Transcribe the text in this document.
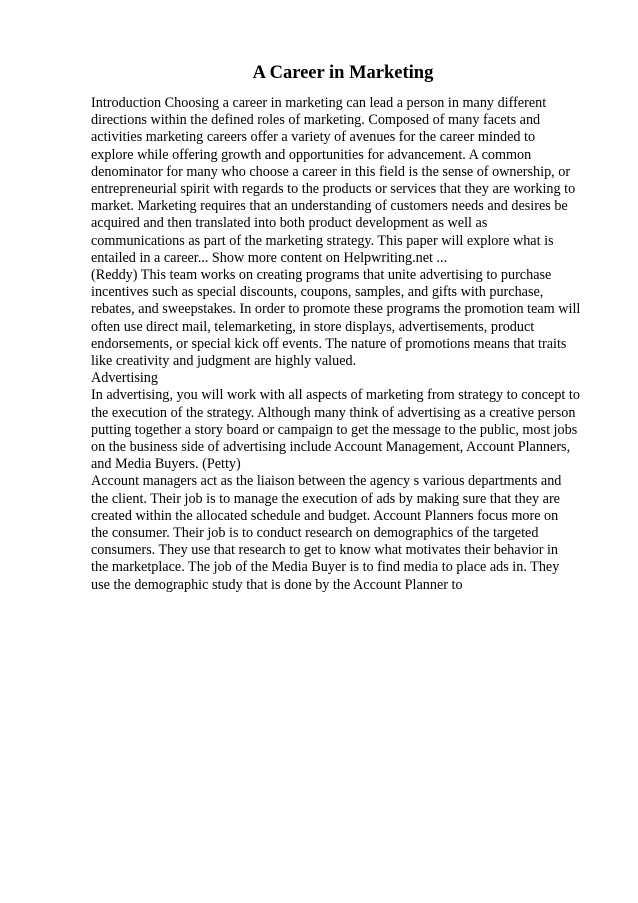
A Career in Marketing
Introduction Choosing a career in marketing can lead a person in many different
directions within the defined roles of marketing. Composed of many facets and
activities marketing careers offer a variety of avenues for the career minded to
explore while offering growth and opportunities for advancement. A common
denominator for many who choose a career in this field is the sense of ownership, or
entrepreneurial spirit with regards to the products or services that they are working to
market. Marketing requires that an understanding of customers needs and desires be
acquired and then translated into both product development as well as
communications as part of the marketing strategy. This paper will explore what is
entailed in a career... Show more content on Helpwriting.net ...
(Reddy) This team works on creating programs that unite advertising to purchase
incentives such as special discounts, coupons, samples, and gifts with purchase,
rebates, and sweepstakes. In order to promote these programs the promotion team will
often use direct mail, telemarketing, in store displays, advertisements, product
endorsements, or special kick off events. The nature of promotions means that traits
like creativity and judgment are highly valued.
Advertising
In advertising, you will work with all aspects of marketing from strategy to concept to
the execution of the strategy. Although many think of advertising as a creative person
putting together a story board or campaign to get the message to the public, most jobs
on the business side of advertising include Account Management, Account Planners,
and Media Buyers. (Petty)
Account managers act as the liaison between the agency s various departments and
the client. Their job is to manage the execution of ads by making sure that they are
created within the allocated schedule and budget. Account Planners focus more on
the consumer. Their job is to conduct research on demographics of the targeted
consumers. They use that research to get to know what motivates their behavior in
the marketplace. The job of the Media Buyer is to find media to place ads in. They
use the demographic study that is done by the Account Planner to
